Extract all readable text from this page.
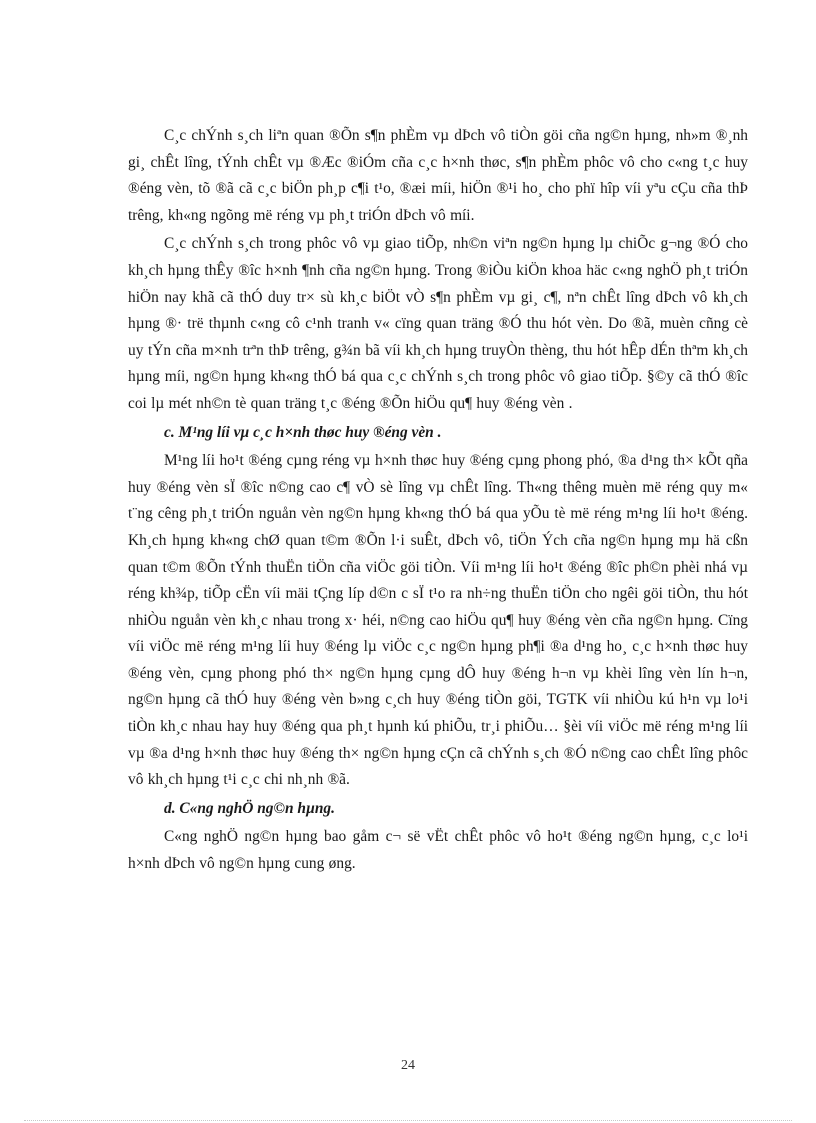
C¸c chÝnh s¸ch liªn quan ®Õn s¶n phÈm vµ dÞch vô tiÒn göi cña ng©n hµng, nh»m ®¸nh gi¸ chÊt lîng, tÝnh chÊt vµ ®Æc ®iÓm cña c¸c h×nh thøc, s¶n phÈm phôc vô cho c«ng t¸c huy ®éng vèn, tõ ®ã cã c¸c biÖn ph¸p c¶i t¹o, ®æi míi, hiÖn ®¹i ho¸ cho phï hîp víi yªu cÇu cña thÞ trêng, kh«ng ngõng më réng vµ ph¸t triÓn dÞch vô míi.

C¸c chÝnh s¸ch trong phôc vô vµ giao tiÕp, nh©n viªn ng©n hµng lµ chiÕc g¬ng ®Ó cho kh¸ch hµng thÊy ®îc h×nh ¶nh cña ng©n hµng. Trong ®iÒu kiÖn khoa häc c«ng nghÖ ph¸t triÓn hiÖn nay khã cã thÓ duy tr× sù kh¸c biÖt vÒ s¶n phÈm vµ gi¸ c¶, nªn chÊt lîng dÞch vô kh¸ch hµng ®· trë thµnh c«ng cô c¹nh tranh v« cïng quan träng ®Ó thu hót vèn. Do ®ã, muèn cñng cè uy tÝn cña m×nh trªn thÞ trêng, g¾n bã víi kh¸ch hµng truyÒn thèng, thu hót hÊp dÉn thªm kh¸ch hµng míi, ng©n hµng kh«ng thÓ bá qua c¸c chÝnh s¸ch trong phôc vô giao tiÕp. §©y cã thÓ ®îc coi lµ mét nh©n tè quan träng t¸c ®éng ®Õn hiÖu qu¶ huy ®éng vèn .

c. M¹ng líi vµ c¸c h×nh thøc huy ®éng vèn .

M¹ng líi ho¹t ®éng cµng réng vµ h×nh thøc huy ®éng cµng phong phó, ®a d¹ng th× kÕt qña huy ®éng vèn sÏ ®îc n©ng cao c¶ vÒ sè lîng vµ chÊt lîng. Th«ng thêng muèn më réng quy m« t¨ng cêng ph¸t triÓn nguån vèn ng©n hµng kh«ng thÓ bá qua yÕu tè më réng m¹ng líi ho¹t ®éng. Kh¸ch hµng kh«ng chØ quan t©m ®Õn l·i suÊt, dÞch vô, tiÖn Ých cña ng©n hµng mµ hä cßn quan t©m ®Õn tÝnh thuËn tiÖn cña viÖc göi tiÒn. Víi m¹ng líi ho¹t ®éng ®îc ph©n phèi nhá vµ réng kh¾p, tiÕp cËn víi mäi tÇng líp d©n c sÏ t¹o ra nh÷ng thuËn tiÖn cho ngêi göi tiÒn, thu hót nhiÒu nguån vèn kh¸c nhau trong x· héi, n©ng cao hiÖu qu¶ huy ®éng vèn cña ng©n hµng. Cïng víi viÖc më réng m¹ng líi huy ®éng lµ viÖc c¸c ng©n hµng ph¶i ®a d¹ng ho¸ c¸c h×nh thøc huy ®éng vèn, cµng phong phó th× ng©n hµng cµng dÔ huy ®éng h¬n vµ khèi lîng vèn lín h¬n, ng©n hµng cã thÓ huy ®éng vèn b»ng c¸ch huy ®éng tiÒn göi, TGTK víi nhiÒu kú h¹n vµ lo¹i tiÒn kh¸c nhau hay huy ®éng qua ph¸t hµnh kú phiÕu, tr¸i phiÕu… §èi víi viÖc më réng m¹ng líi vµ ®a d¹ng h×nh thøc huy ®éng th× ng©n hµng cÇn cã chÝnh s¸ch ®Ó n©ng cao chÊt lîng phôc vô kh¸ch hµng t¹i c¸c chi nh¸nh ®ã.

d. C«ng nghÖ ng©n hµng.

C«ng nghÖ ng©n hµng bao gåm c¬ së vËt chÊt phôc vô ho¹t ®éng ng©n hµng, c¸c lo¹i h×nh dÞch vô ng©n hµng cung øng.

24
